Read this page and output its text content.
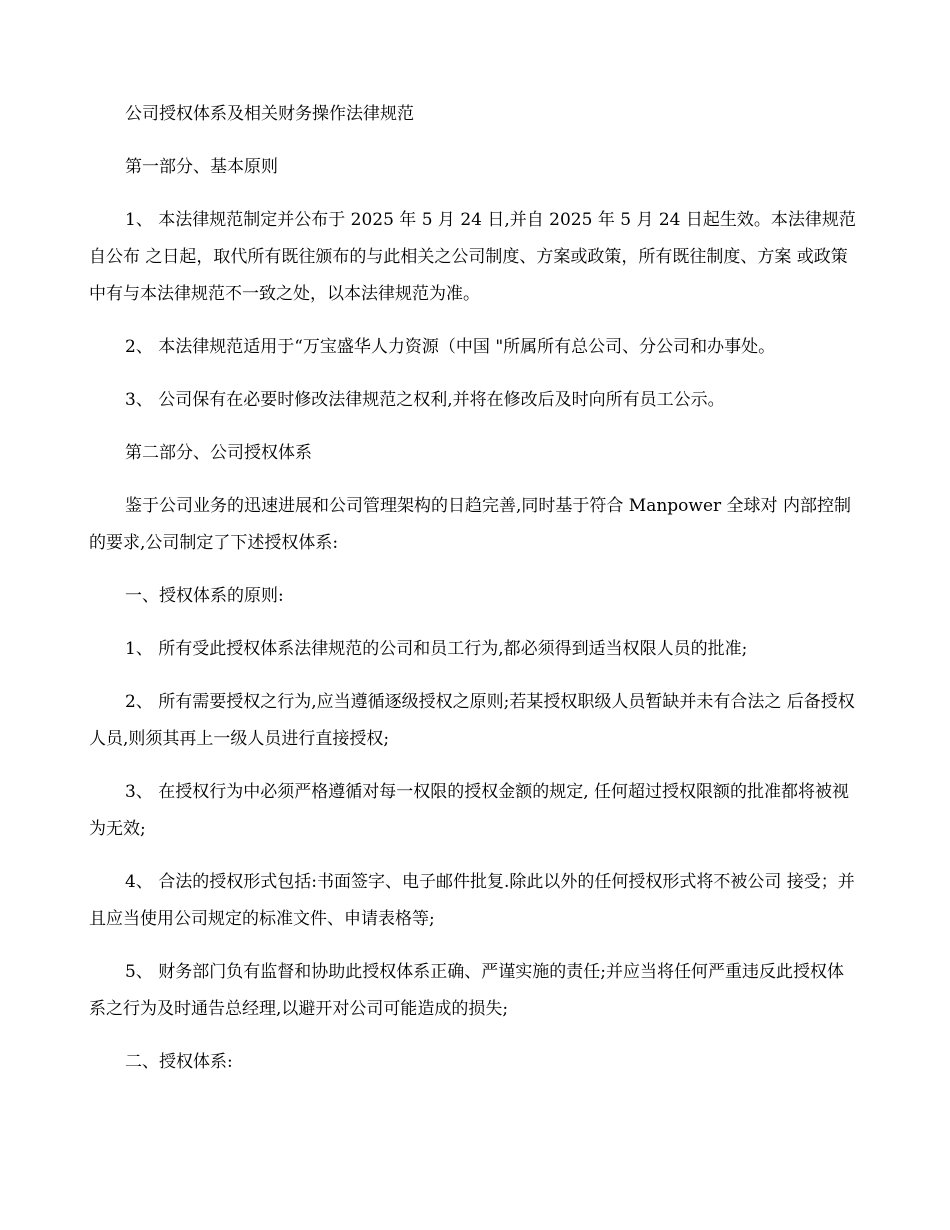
公司授权体系及相关财务操作法律规范

第一部分、基本原则

1、 本法律规范制定并公布于 2025 年 5 月 24 日,并自 2025 年 5 月 24 日起生效。本法律规范自公布 之日起，取代所有既往颁布的与此相关之公司制度、方案或政策，所有既往制度、方案 或政策中有与本法律规范不一致之处，以本法律规范为准。

2、 本法律规范适用于“万宝盛华人力资源（中国 "所属所有总公司、分公司和办事处。

3、 公司保有在必要时修改法律规范之权利,并将在修改后及时向所有员工公示。

第二部分、公司授权体系

鉴于公司业务的迅速进展和公司管理架构的日趋完善,同时基于符合 Manpower 全球对 内部控制的要求,公司制定了下述授权体系:

一、授权体系的原则:

1、 所有受此授权体系法律规范的公司和员工行为,都必须得到适当权限人员的批准;

2、 所有需要授权之行为,应当遵循逐级授权之原则;若某授权职级人员暂缺并未有合法之 后备授权人员,则须其再上一级人员进行直接授权;

3、 在授权行为中必须严格遵循对每一权限的授权金额的规定, 任何超过授权限额的批准都将被视为无效;

4、 合法的授权形式包括:书面签字、电子邮件批复.除此以外的任何授权形式将不被公司 接受；并且应当使用公司规定的标准文件、申请表格等;

5、 财务部门负有监督和协助此授权体系正确、严谨实施的责任;并应当将任何严重违反此授权体系之行为及时通告总经理,以避开对公司可能造成的损失;

二、授权体系:
